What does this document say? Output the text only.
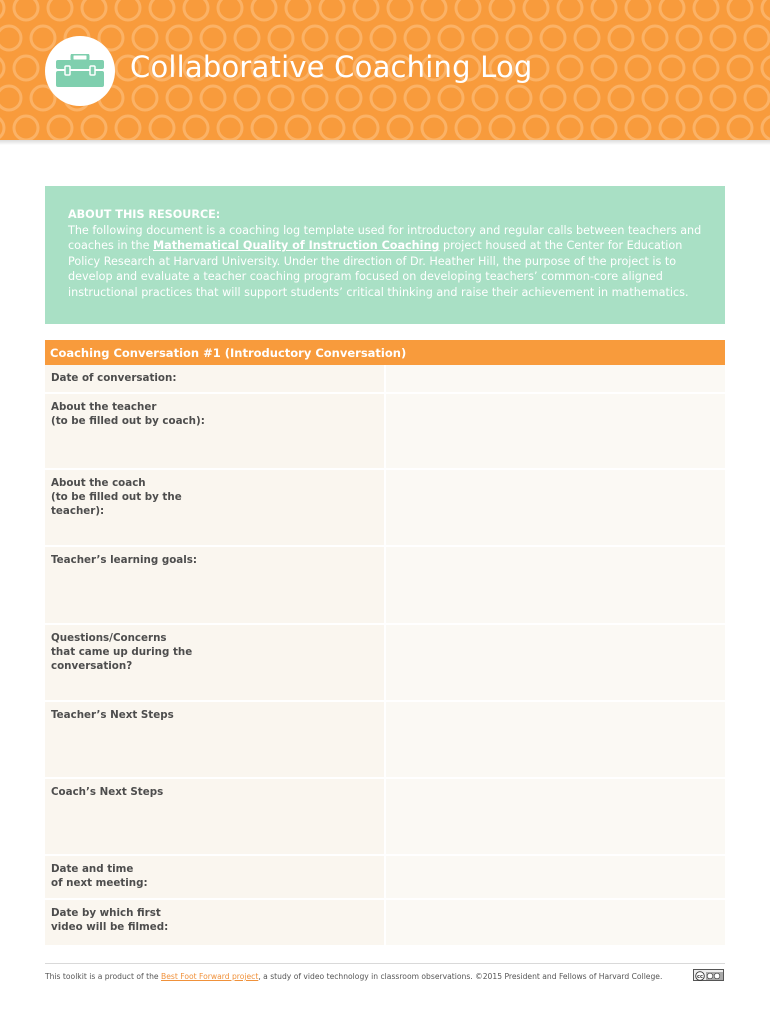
Collaborative Coaching Log
ABOUT THIS RESOURCE:
The following document is a coaching log template used for introductory and regular calls between teachers and coaches in the Mathematical Quality of Instruction Coaching project housed at the Center for Education Policy Research at Harvard University. Under the direction of Dr. Heather Hill, the purpose of the project is to develop and evaluate a teacher coaching program focused on developing teachers’ common-core aligned instructional practices that will support students’ critical thinking and raise their achievement in mathematics.
Coaching Conversation #1 (Introductory Conversation)	
Date of conversation:	
About the teacher
(to be filled out by coach):	
About the coach
(to be filled out by the
teacher):	
Teacher’s learning goals:	
Questions/Concerns
that came up during the
conversation?	
Teacher’s Next Steps	
Coach’s Next Steps	
Date and time
of next meeting:	
Date by which first
video will be filmed:	
This toolkit is a product of the Best Foot Forward project, a study of video technology in classroom observations. ©2015 President and Fellows of Harvard College.	cc
